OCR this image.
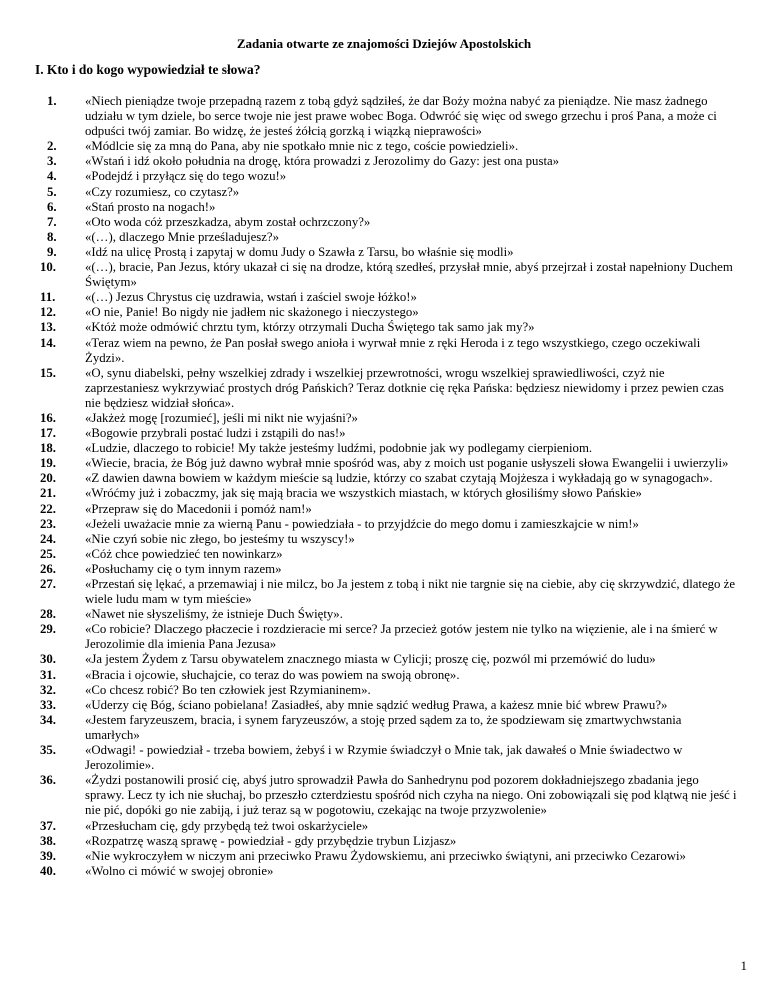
Zadania otwarte ze znajomości Dziejów Apostolskich
I. Kto i do kogo wypowiedział te słowa?
1.	«Niech pieniądze twoje przepadną razem z tobą gdyż sądziłeś, że dar Boży można nabyć za pieniądze. Nie masz żadnego udziału w tym dziele, bo serce twoje nie jest prawe wobec Boga. Odwróć się więc od swego grzechu i proś Pana, a może ci odpuści twój zamiar. Bo widzę, że jesteś żółcią gorzką i wiązką nieprawości»
2.	«Módlcie się za mną do Pana, aby nie spotkało mnie nic z tego, coście powiedzieli».
3.	«Wstań i idź około południa na drogę, która prowadzi z Jerozolimy do Gazy: jest ona pusta»
4.	«Podejdź i przyłącz się do tego wozu!»
5.	«Czy rozumiesz, co czytasz?»
6.	«Stań prosto na nogach!»
7.	«Oto woda cóż przeszkadza, abym został ochrzczony?»
8.	«(…), dlaczego Mnie prześladujesz?»
9.	«Idź na ulicę Prostą i zapytaj w domu Judy o Szawła z Tarsu, bo właśnie się modli»
10.	«(…), bracie, Pan Jezus, który ukazał ci się na drodze, którą szedłeś, przysłał mnie, abyś przejrzał i został napełniony Duchem Świętym»
11.	«(…) Jezus Chrystus cię uzdrawia, wstań i zaściel swoje łóżko!»
12.	«O nie, Panie! Bo nigdy nie jadłem nic skażonego i nieczystego»
13.	«Któż może odmówić chrztu tym, którzy otrzymali Ducha Świętego tak samo jak my?»
14.	«Teraz wiem na pewno, że Pan posłał swego anioła i wyrwał mnie z ręki Heroda i z tego wszystkiego, czego oczekiwali Żydzi».
15.	«O, synu diabelski, pełny wszelkiej zdrady i wszelkiej przewrotności, wrogu wszelkiej sprawiedliwości, czyż nie zaprzestaniesz wykrzywiać prostych dróg Pańskich? Teraz dotknie cię ręka Pańska: będziesz niewidomy i przez pewien czas nie będziesz widział słońca».
16.	«Jakżeż mogę [rozumieć], jeśli mi nikt nie wyjaśni?»
17.	«Bogowie przybrali postać ludzi i zstąpili do nas!»
18.	«Ludzie, dlaczego to robicie! My także jesteśmy ludźmi, podobnie jak wy podlegamy cierpieniom.
19.	«Wiecie, bracia, że Bóg już dawno wybrał mnie spośród was, aby z moich ust poganie usłyszeli słowa Ewangelii i uwierzyli»
20.	«Z dawien dawna bowiem w każdym mieście są ludzie, którzy co szabat czytają Mojżesza i wykładają go w synagogach».
21.	«Wróćmy już i zobaczmy, jak się mają bracia we wszystkich miastach, w których głosiliśmy słowo Pańskie»
22.	«Przepraw się do Macedonii i pomóż nam!»
23.	«Jeżeli uważacie mnie za wierną Panu - powiedziała - to przyjdźcie do mego domu i zamieszkajcie w nim!»
24.	«Nie czyń sobie nic złego, bo jesteśmy tu wszyscy!»
25.	«Cóż chce powiedzieć ten nowinkarz»
26.	«Posłuchamy cię o tym innym razem»
27.	«Przestań się lękać, a przemawiaj i nie milcz, bo Ja jestem z tobą i nikt nie targnie się na ciebie, aby cię skrzywdzić, dlatego że wiele ludu mam w tym mieście»
28.	«Nawet nie słyszeliśmy, że istnieje Duch Święty».
29.	«Co robicie? Dlaczego płaczecie i rozdzieracie mi serce? Ja przecież gotów jestem nie tylko na więzienie, ale i na śmierć w Jerozolimie dla imienia Pana Jezusa»
30.	«Ja jestem Żydem z Tarsu obywatelem znacznego miasta w Cylicji; proszę cię, pozwól mi przemówić do ludu»
31.	«Bracia i ojcowie, słuchajcie, co teraz do was powiem na swoją obronę».
32.	«Co chcesz robić? Bo ten człowiek jest Rzymianinem».
33.	«Uderzy cię Bóg, ściano pobielana! Zasiadłeś, aby mnie sądzić według Prawa, a każesz mnie bić wbrew Prawu?»
34.	«Jestem faryzeuszem, bracia, i synem faryzeuszów, a stoję przed sądem za to, że spodziewam się zmartwychwstania umarłych»
35.	«Odwagi! - powiedział - trzeba bowiem, żebyś i w Rzymie świadczył o Mnie tak, jak dawałeś o Mnie świadectwo w Jerozolimie».
36.	«Żydzi postanowili prosić cię, abyś jutro sprowadził Pawła do Sanhedrynu pod pozorem dokładniejszego zbadania jego sprawy. Lecz ty ich nie słuchaj, bo przeszło czterdziestu spośród nich czyha na niego. Oni zobowiązali się pod klątwą nie jeść i nie pić, dopóki go nie zabiją, i już teraz są w pogotowiu, czekając na twoje przyzwolenie»
37.	«Przesłucham cię, gdy przybędą też twoi oskarżyciele»
38.	«Rozpatrzę waszą sprawę - powiedział - gdy przybędzie trybun Lizjasz»
39.	«Nie wykroczyłem w niczym ani przeciwko Prawu Żydowskiemu, ani przeciwko świątyni, ani przeciwko Cezarowi»
40.	«Wolno ci mówić w swojej obronie»
1
